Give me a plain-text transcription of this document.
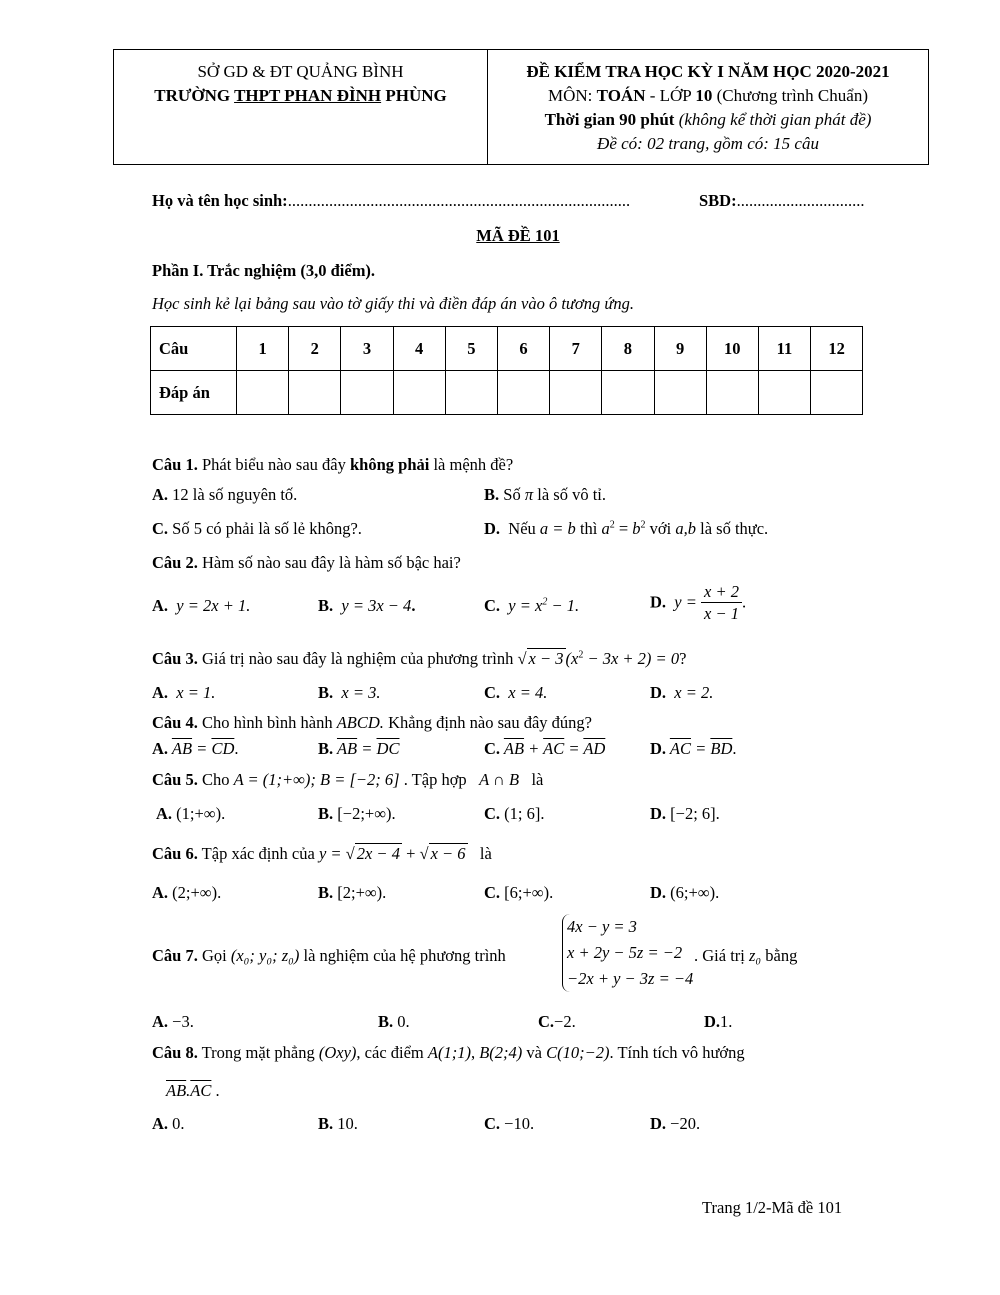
SỞ GD & ĐT QUẢNG BÌNH
TRƯỜNG THPT PHAN ĐÌNH PHÙNG
ĐỀ KIỂM TRA HỌC KỲ I NĂM HỌC 2020-2021
MÔN: TOÁN - LỚP 10 (Chương trình Chuẩn)
Thời gian 90 phút (không kể thời gian phát đề)
Đề có: 02 trang, gồm có: 15 câu
Họ và tên học sinh:...................................................................................	SBD:...............................
MÃ ĐỀ 101
Phần I. Trắc nghiệm (3,0 điểm).
Học sinh kẻ lại bảng sau vào tờ giấy thi và điền đáp án vào ô tương ứng.
Câu	1	2	3	4	5	6	7	8	9	10	11	12
Đáp án												
Câu 1. Phát biểu nào sau đây không phải là mệnh đề?
A. 12 là số nguyên tố.	B. Số π là số vô tỉ.
C. Số 5 có phải là số lẻ không?.	D. Nếu a = b thì $a^2 = b^2$ với a,b là số thực.
Câu 2. Hàm số nào sau đây là hàm số bậc hai?
A. y = 2x + 1.	B. y = 3x − 4.	C. $y = x^2 - 1$.	D. $y = \frac{x + 2}{x - 1}$ .
Câu 3. Giá trị nào sau đây là nghiệm của phương trình √ x − 3 $(x^2 - 3x + 2) = 0$?
A. x = 1.	B. x = 3.	C. x = 4.	D. x = 2.
Câu 4. Cho hình bình hành ABCD. Khẳng định nào sau đây đúng?
A. $\overline{AB} = \overline{CD}$.	B. $\overline{AB} = \overline{DC}$	C. $\overline{AB} + \overline{AC} = \overline{AD}$	D. $\overline{AC} = \overline{BD}$.
Câu 5. Cho A = (1;+∞); B = [−2; 6] . Tập hợp   A ∩ B là
A. (1;+∞).	B. [−2;+∞).	C. (1; 6].	D. [−2; 6].
Câu 6. Tập xác định của y = √ 2x − 4 + √ x − 6 là
A. (2;+∞).	B. [2;+∞).	C. [6;+∞).	D. (6;+∞).
Câu 7. Gọi (x₀; y₀; z₀) là nghiệm của hệ phương trình
4x − y = 3
x + 2y − 5z = −2
−2x + y − 3z = −4
. Giá trị z₀ bằng
A. −3.	B. 0.	C.−2.	D.1.
Câu 8. Trong mặt phẳng (Oxy), các điểm A(1;1), B(2;4) và C(10;−2). Tính tích vô hướng
$\overline{AB}.\overline{AC}$ .
A. 0.	B. 10.	C. −10.	D. −20.
Trang 1/2-Mã đề 101
